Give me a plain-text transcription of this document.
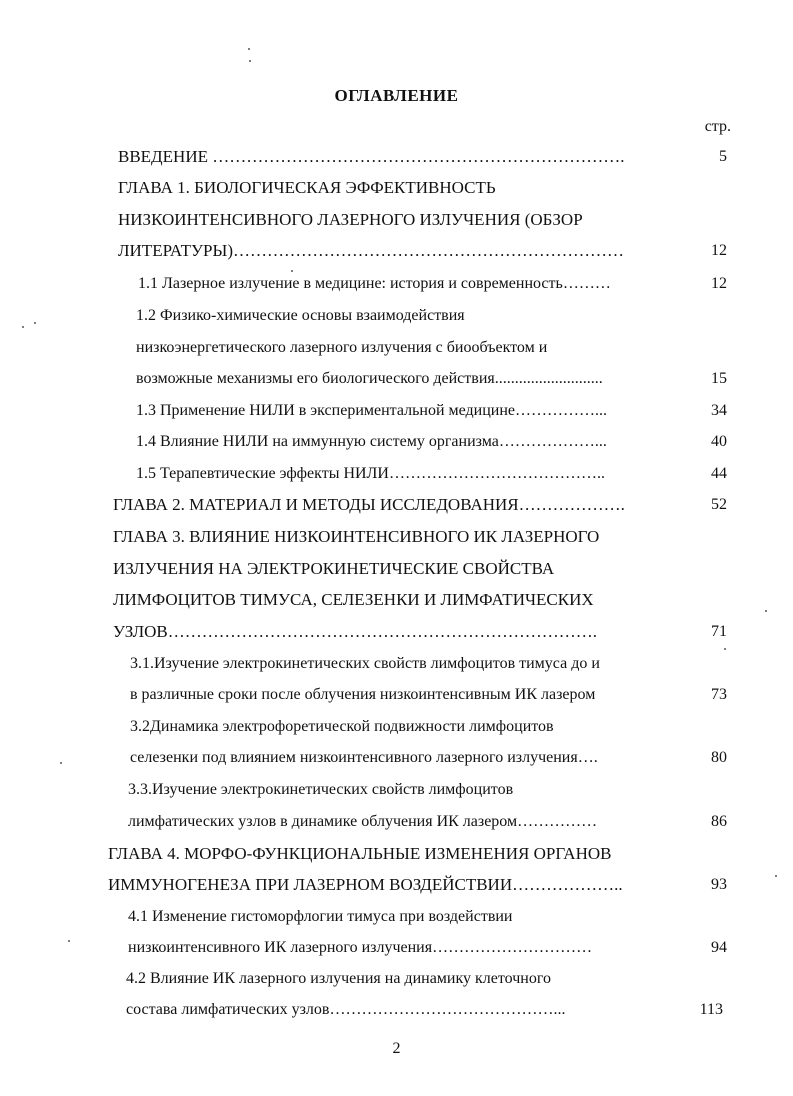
ОГЛАВЛЕНИЕ
стр.
ВВЕДЕНИЕ ……………………………………………………………….	5
ГЛАВА 1. БИОЛОГИЧЕСКАЯ ЭФФЕКТИВНОСТЬ
НИЗКОИНТЕНСИВНОГО ЛАЗЕРНОГО ИЗЛУЧЕНИЯ (ОБЗОР
ЛИТЕРАТУРЫ)……………………………………………………………	12
1.1 Лазерное излучение в медицине: история и современность………	12
1.2 Физико-химические основы взаимодействия
низкоэнергетического лазерного излучения с биообъектом и
возможные механизмы его биологического действия...........................	15
1.3 Применение НИЛИ в экспериментальной медицине……………...	34
1.4 Влияние НИЛИ на иммунную систему организма………………...	40
1.5 Терапевтические эффекты НИЛИ…………………………………..	44
ГЛАВА 2. МАТЕРИАЛ И МЕТОДЫ ИССЛЕДОВАНИЯ……………….	52
ГЛАВА 3. ВЛИЯНИЕ НИЗКОИНТЕНСИВНОГО ИК ЛАЗЕРНОГО
ИЗЛУЧЕНИЯ НА ЭЛЕКТРОКИНЕТИЧЕСКИЕ СВОЙСТВА
ЛИМФОЦИТОВ ТИМУСА, СЕЛЕЗЕНКИ И ЛИМФАТИЧЕСКИХ
УЗЛОВ………………………………………………………………….	71
3.1.Изучение электрокинетических свойств лимфоцитов тимуса до и
в различные сроки после облучения низкоинтенсивным ИК лазером	73
3.2Динамика электрофоретической подвижности лимфоцитов
селезенки под влиянием низкоинтенсивного лазерного излучения….	80
3.3.Изучение электрокинетических свойств лимфоцитов
лимфатических узлов в динамике облучения ИК лазером……………	86
ГЛАВА 4. МОРФО-ФУНКЦИОНАЛЬНЫЕ ИЗМЕНЕНИЯ ОРГАНОВ
ИММУНОГЕНЕЗА ПРИ ЛАЗЕРНОМ ВОЗДЕЙСТВИИ………………..	93
4.1 Изменение гистоморфлогии тимуса при воздействии
низкоинтенсивного ИК лазерного излучения…………………………	94
4.2 Влияние ИК лазерного излучения на динамику клеточного
состава лимфатических узлов……………………………………...	113
2
